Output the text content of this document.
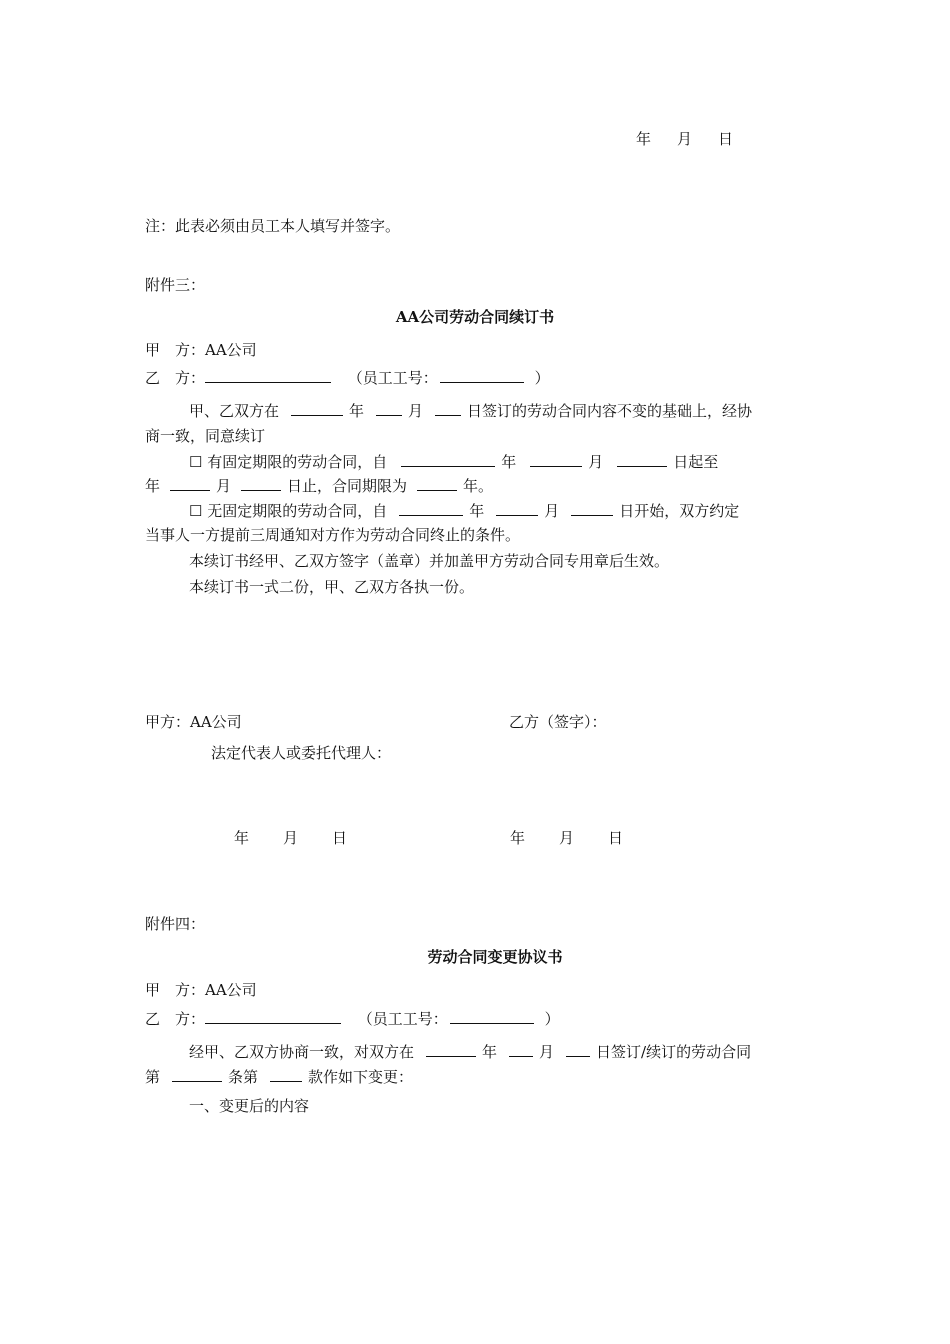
年 月 日
注：此表必须由员工本人填写并签字。
附件三：
AA公司劳动合同续订书
甲　方：AA公司
乙　方：	（员工工号：	）
甲、乙双方在	年	月	日签订的劳动合同内容不变的基础上，经协
商一致，同意续订
☐ 有固定期限的劳动合同，自	年	月	日起至
年	月	日止，合同期限为	年。
☐ 无固定期限的劳动合同，自	年	月	日开始，双方约定
当事人一方提前三周通知对方作为劳动合同终止的条件。
本续订书经甲、乙双方签字（盖章）并加盖甲方劳动合同专用章后生效。
本续订书一式二份，甲、乙双方各执一份。
甲方：AA公司	乙方（签字）：
法定代表人或委托代理人：
年 月 日	年 月 日
附件四：
劳动合同变更协议书
甲　方：AA公司
乙　方：	（员工工号：	）
经甲、乙双方协商一致，对双方在	年	月	日签订/续订的劳动合同
第	条第	款作如下变更：
一、变更后的内容
